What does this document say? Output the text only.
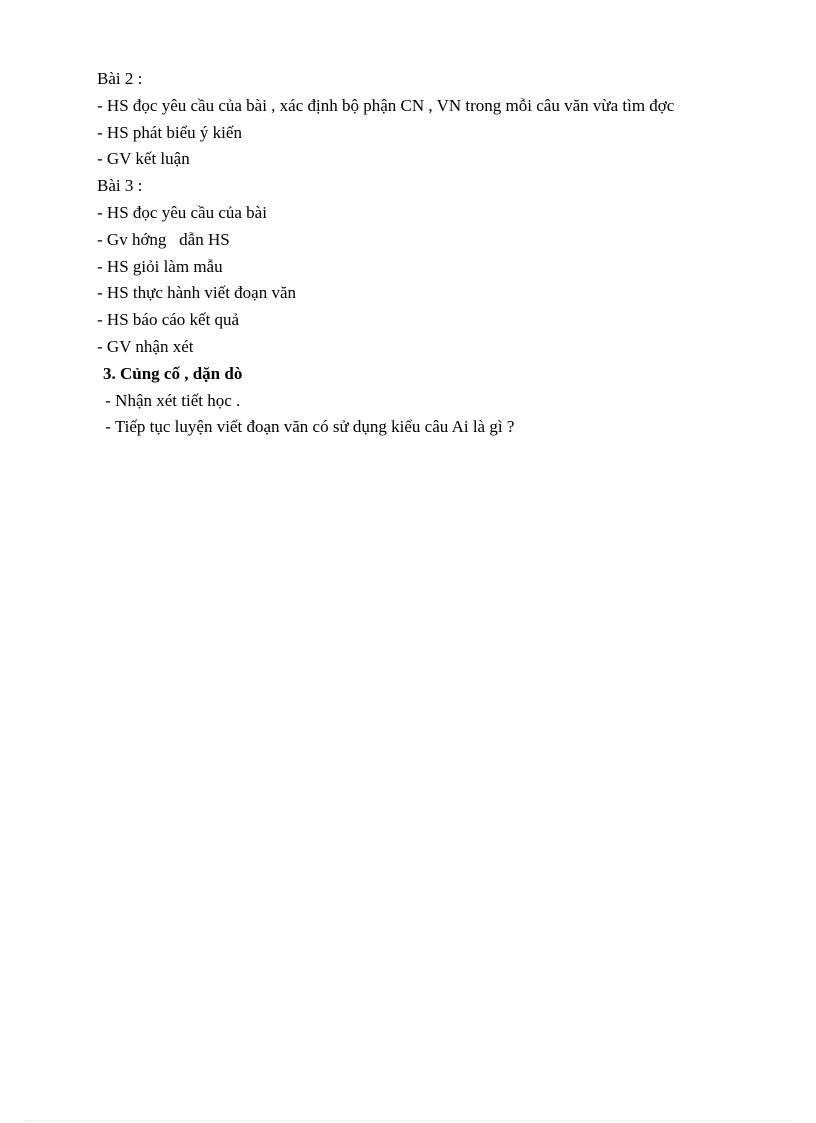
Bài 2 :
- HS đọc yêu cầu của bài , xác định bộ phận CN , VN trong mỗi câu văn vừa tìm đợc
- HS phát biểu ý kiến
- GV kết luận
Bài 3 :
- HS đọc yêu cầu của bài
- Gv hớng   dẫn HS
- HS giỏi làm mẫu
- HS thực hành viết đoạn văn
- HS báo cáo kết quả
- GV nhận xét
3. Củng cố , dặn dò
- Nhận xét tiết học .
- Tiếp tục luyện viết đoạn văn có sử dụng kiểu câu Ai là gì ?
